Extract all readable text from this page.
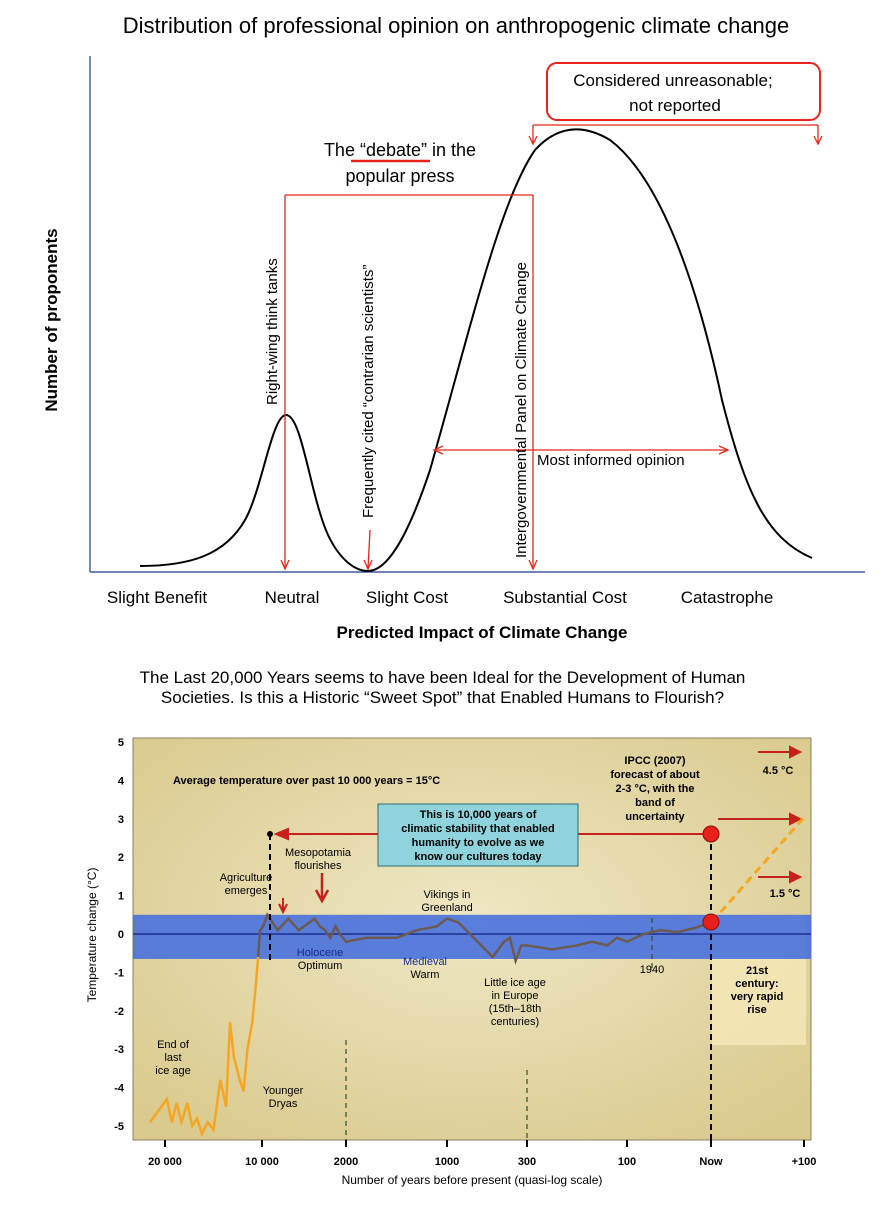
Distribution of professional opinion on anthropogenic climate change
Number of proponents
Considered unreasonable;
not reported
The “debate” in the
popular press
Right-wing think tanks	Frequently cited “contrarian scientists”	Intergovernmental Panel on Climate Change Most informed opinion
Slight Benefit	Neutral	Slight Cost	Substantial Cost	Catastrophe
Predicted Impact of Climate Change
The Last 20,000 Years seems to have been Ideal for the Development of Human
Societies. Is this a Historic “Sweet Spot” that Enabled Humans to Flourish?
Temperature change (°C)
5
4
3
2
1
0
-1
-2
-3
-4
-5
Average temperature over past 10 000 years = 15°C
This is 10,000 years of
climatic stability that enabled
humanity to evolve as we
know our cultures today
IPCC (2007)
forecast of about
2-3 °C, with the
band of
uncertainty
4.5 °C
1.5 °C
Agriculture
emerges
Mesopotamia
flourishes
Vikings in
Greenland
Holocene
Optimum	Medieval
Warm
Little ice age
in Europe
(15th–18th
centuries)
1940
End of
last
ice age
Younger
Dryas
21st
century:
very rapid
rise
20 000	10 000	2000	1000	300	100	Now	+100
Number of years before present (quasi-log scale)
